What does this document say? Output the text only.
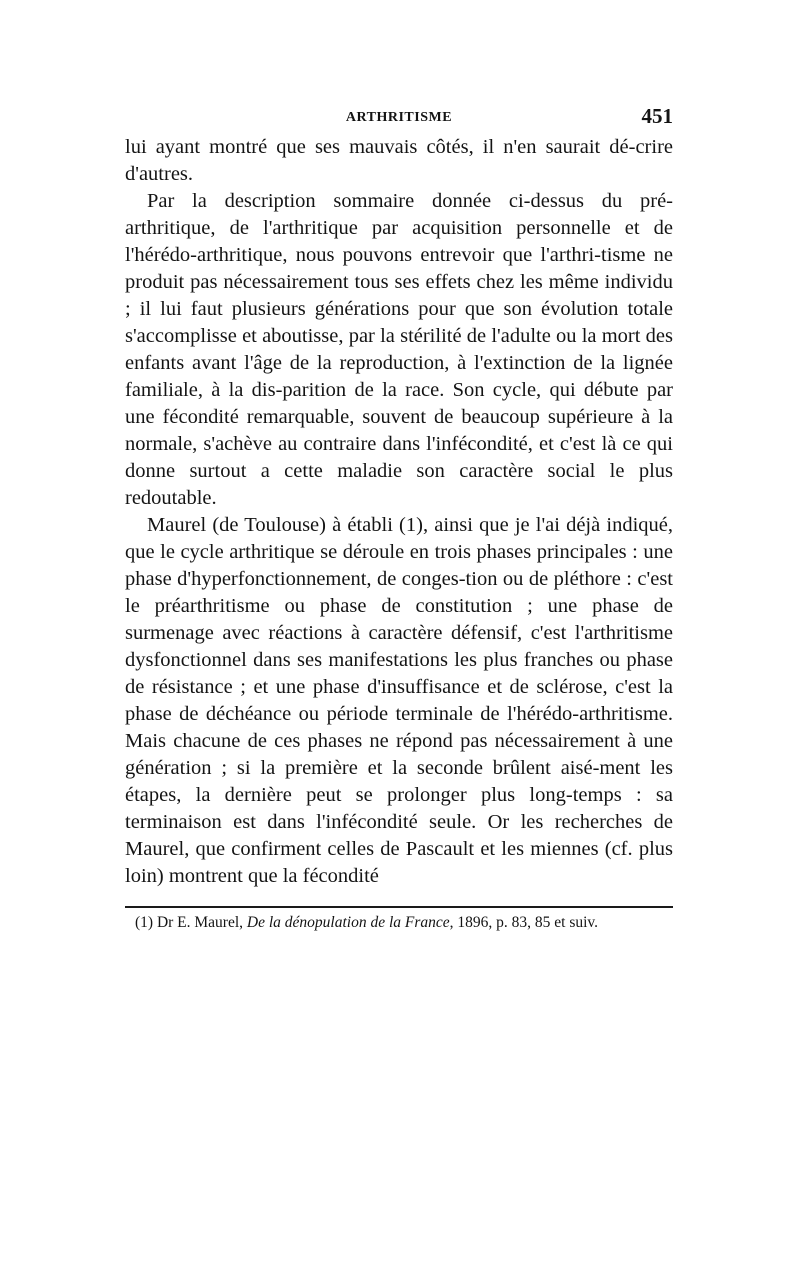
ARTHRITISME	451

lui ayant montré que ses mauvais côtés, il n'en saurait dé-crire d'autres.

Par la description sommaire donnée ci-dessus du pré-arthritique, de l'arthritique par acquisition personnelle et de l'hérédo-arthritique, nous pouvons entrevoir que l'arthri-tisme ne produit pas nécessairement tous ses effets chez les même individu ; il lui faut plusieurs générations pour que son évolution totale s'accomplisse et aboutisse, par la stérilité de l'adulte ou la mort des enfants avant l'âge de la reproduction, à l'extinction de la lignée familiale, à la dis-parition de la race. Son cycle, qui débute par une fécondité remarquable, souvent de beaucoup supérieure à la normale, s'achève au contraire dans l'infécondité, et c'est là ce qui donne surtout a cette maladie son caractère social le plus redoutable.

Maurel (de Toulouse) à établi (1), ainsi que je l'ai déjà indiqué, que le cycle arthritique se déroule en trois phases principales : une phase d'hyperfonctionnement, de conges-tion ou de pléthore : c'est le préarthritisme ou phase de constitution ; une phase de surmenage avec réactions à caractère défensif, c'est l'arthritisme dysfonctionnel dans ses manifestations les plus franches ou phase de résistance ; et une phase d'insuffisance et de sclérose, c'est la phase de déchéance ou période terminale de l'hérédo-arthritisme. Mais chacune de ces phases ne répond pas nécessairement à une génération ; si la première et la seconde brûlent aisé-ment les étapes, la dernière peut se prolonger plus long-temps : sa terminaison est dans l'infécondité seule. Or les recherches de Maurel, que confirment celles de Pascault et les miennes (cf. plus loin) montrent que la fécondité

(1) Dr E. Maurel, De la dénopulation de la France, 1896, p. 83, 85 et suiv.
